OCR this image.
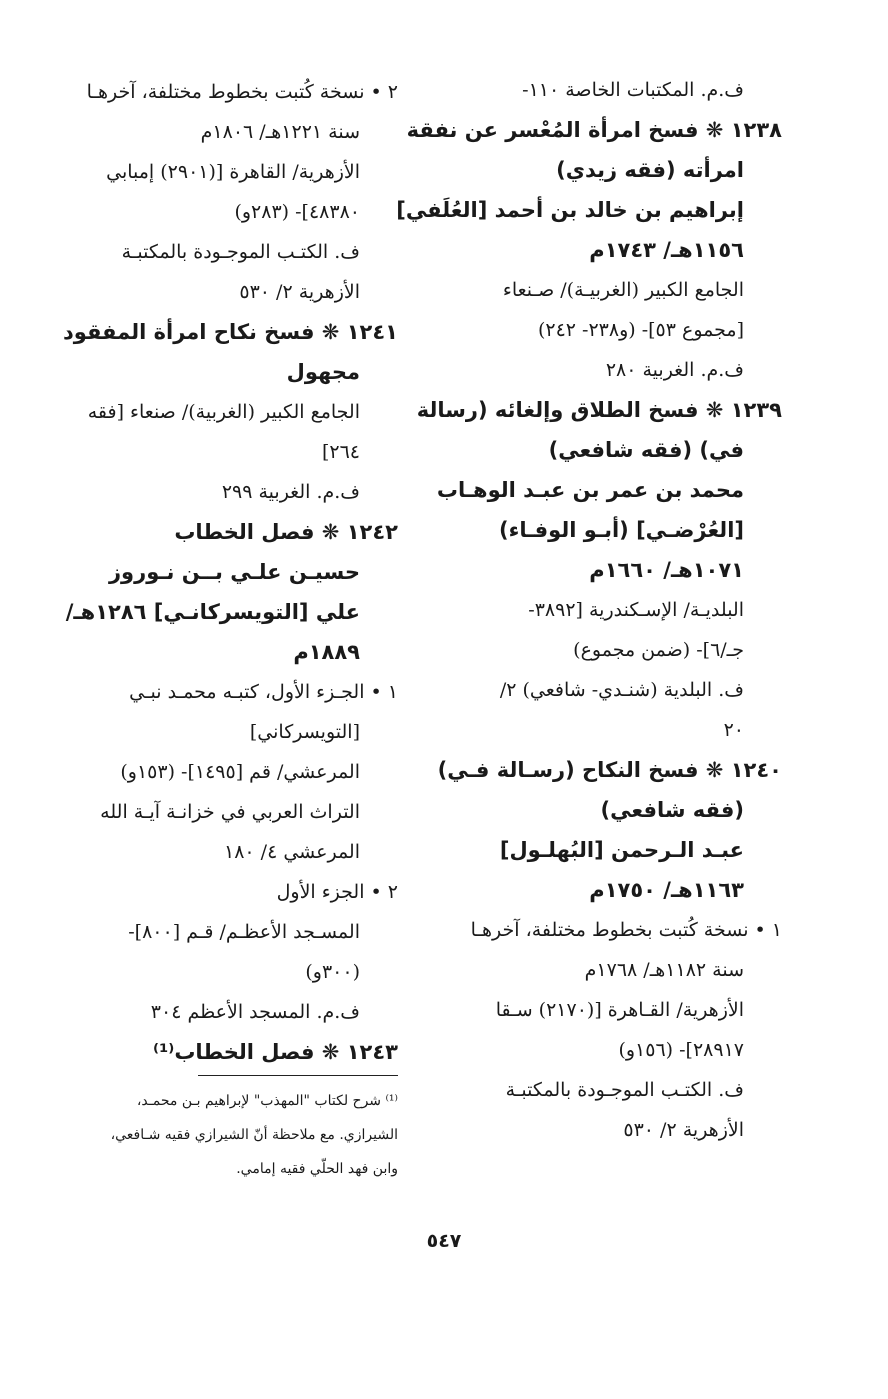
ف.م. المكتبات الخاصة ١١٠-
١٢٣٨ ❋ فسخ امرأة المُعْسر عن نفقة
امرأته (فقه زيدي)
إبراهيم بن خالد بن أحمد [العُلَفي]
١١٥٦هـ/ ١٧٤٣م
الجامع الكبير (الغربيـة)/ صـنعاء
[مجموع ٥٣]- (و٢٣٨- ٢٤٢)
ف.م. الغربية ٢٨٠
١٢٣٩ ❋ فسخ الطلاق وإلغائه (رسالة
في) (فقه شافعي)
محمد بن عمر بن عبـد الوهـاب
[العُرْضـي] (أبـو الوفـاء)
١٠٧١هـ/ ١٦٦٠م
البلديـة/ الإسـكندرية [٣٨٩٢-
جـ/٦]- (ضمن مجموع)
ف. البلدية (شنـدي- شافعي) ٢/
٢٠
١٢٤٠ ❋ فسخ النكاح (رسـالة فـي)
(فقه شافعي)
عبـد الـرحمن [البُهلـول]
١١٦٣هـ/ ١٧٥٠م
١ • نسخة كُتبت بخطوط مختلفة، آخرهـا
سنة ١١٨٢هـ/ ١٧٦٨م
الأزهرية/ القـاهرة [(٢١٧٠) سـقا
٢٨٩١٧]- (١٥٦و)
ف. الكتـب الموجـودة بالمكتبـة
الأزهرية ٢/ ٥٣٠
٢ • نسخة كُتبت بخطوط مختلفة، آخرهـا
سنة ١٢٢١هـ/ ١٨٠٦م
الأزهرية/ القاهرة [(٢٩٠١) إمبابي
٤٨٣٨٠]- (٢٨٣و)
ف. الكتـب الموجـودة بالمكتبـة
الأزهرية ٢/ ٥٣٠
١٢٤١ ❋ فسخ نكاح امرأة المفقود
مجهول
الجامع الكبير (الغربية)/ صنعاء [فقه
٢٦٤]
ف.م. الغربية ٢٩٩
١٢٤٢ ❋ فصل الخطاب
حسيـن علـي بــن نـوروز
علي [التويسركانـي] ١٢٨٦هـ/
١٨٨٩م
١ • الجـزء الأول، كتبـه محمـد نبـي
[التويسركاني]
المرعشي/ قم [١٤٩٥]- (١٥٣و)
التراث العربي في خزانـة آيـة الله
المرعشي ٤/ ١٨٠
٢ • الجزء الأول
المسـجد الأعظـم/ قـم [٨٠٠]-
(٣٠٠و)
ف.م. المسجد الأعظم ٣٠٤
١٢٤٣ ❋ فصل الخطاب⁽¹⁾
⁽¹⁾ شرح لكتاب "المهذب" لإبراهيم بـن محمـد،
الشيرازي. مع ملاحظة أنّ الشيرازي فقيه شـافعي،
وابن فهد الحلّي فقيه إمامي.
٥٤٧
